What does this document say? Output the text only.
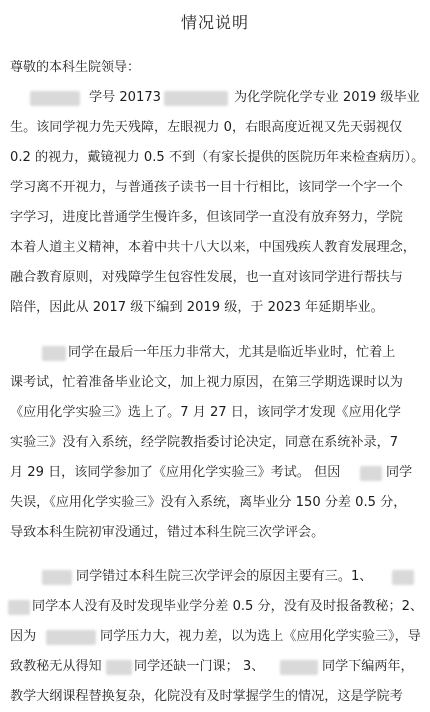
情况说明
尊敬的本科生院领导：
学号 20173	为化学院化学专业 2019 级毕业
生。该同学视力先天残障，左眼视力 0，右眼高度近视又先天弱视仅
0.2 的视力，戴镜视力 0.5 不到（有家长提供的医院历年来检查病历）。
学习离不开视力，与普通孩子读书一目十行相比，该同学一个字一个
字学习，进度比普通学生慢许多，但该同学一直没有放弃努力，学院
本着人道主义精神，本着中共十八大以来，中国残疾人教育发展理念，
融合教育原则，对残障学生包容性发展，也一直对该同学进行帮扶与
陪伴，因此从 2017 级下编到 2019 级，于 2023 年延期毕业。
同学在最后一年压力非常大，尤其是临近毕业时，忙着上
课考试，忙着准备毕业论文，加上视力原因，在第三学期选课时以为
《应用化学实验三》选上了。7 月 27 日，该同学才发现《应用化学
实验三》没有入系统，经学院教指委讨论决定，同意在系统补录，7
月 29 日，该同学参加了《应用化学实验三》考试。 但因	同学
失误，《应用化学实验三》没有入系统，离毕业分 150 分差 0.5 分，
导致本科生院初审没通过，错过本科生院三次学评会。
同学错过本科生院三次学评会的原因主要有三。1、
同学本人没有及时发现毕业学分差 0.5 分，没有及时报备教秘；2、
因为	同学压力大，视力差，以为选上《应用化学实验三》，导
致教秘无从得知 同学还缺一门课； 3、	同学下编两年，
教学大纲课程替换复杂，化院没有及时掌握学生的情况，这是学院考
